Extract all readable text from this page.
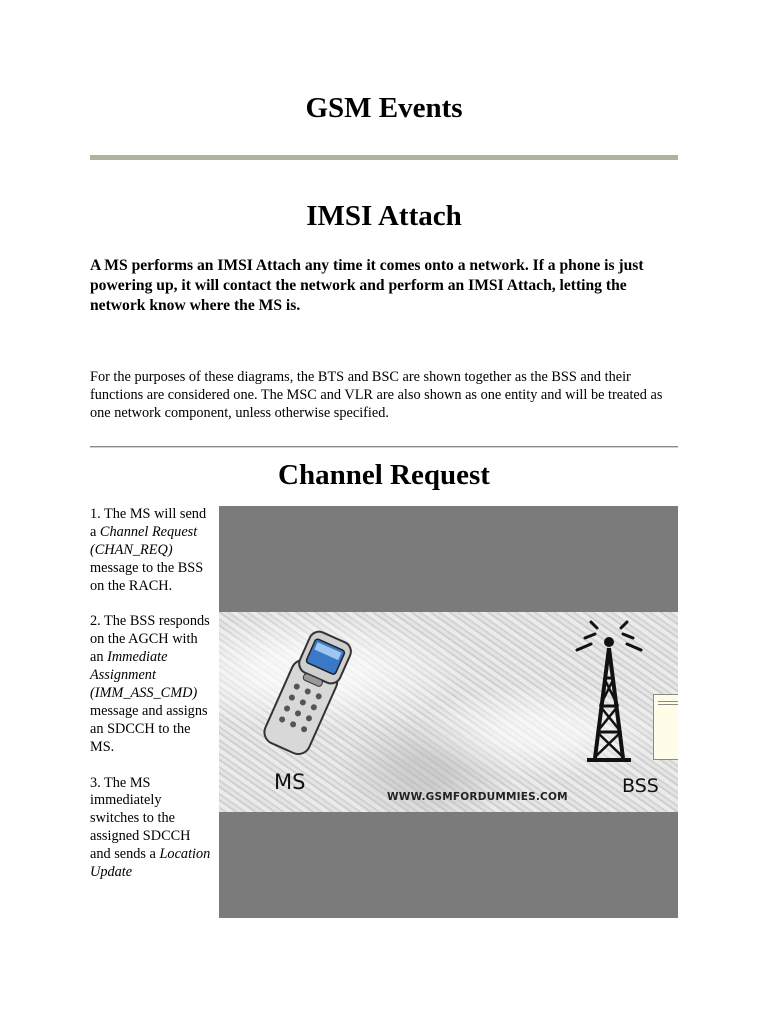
GSM Events
IMSI Attach

A MS performs an IMSI Attach any time it comes onto a network. If a phone is just powering up, it will contact the network and perform an IMSI Attach, letting the network know where the MS is.

For the purposes of these diagrams, the BTS and BSC are shown together as the BSS and their functions are considered one. The MSC and VLR are also shown as one entity and will be treated as one network component, unless otherwise specified.

Channel Request

1. The MS will send a Channel Request (CHAN_REQ) message to the BSS on the RACH.

2. The BSS responds on the AGCH with an Immediate Assignment (IMM_ASS_CMD) message and assigns an SDCCH to the MS.

3. The MS immediately switches to the assigned SDCCH and sends a Location Update

MS
WWW.GSMFORDUMMIES.COM	BSS
